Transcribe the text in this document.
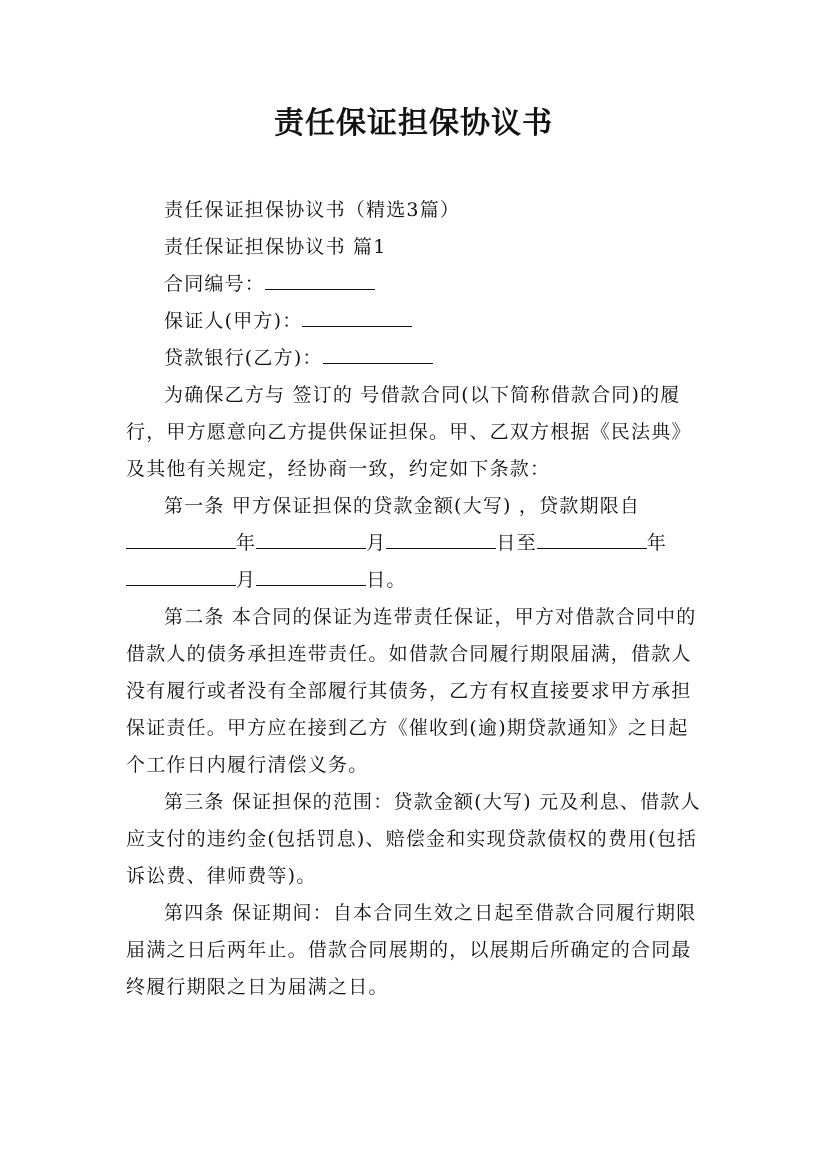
责任保证担保协议书

责任保证担保协议书（精选3篇）

责任保证担保协议书 篇1

合同编号：

保证人(甲方)：

贷款银行(乙方)：

为确保乙方与 签订的 号借款合同(以下简称借款合同)的履行，甲方愿意向乙方提供保证担保。甲、乙双方根据《民法典》及其他有关规定，经协商一致，约定如下条款：

第一条 甲方保证担保的贷款金额(大写) ，贷款期限自年	月	日至	年月	日。

第二条 本合同的保证为连带责任保证，甲方对借款合同中的借款人的债务承担连带责任。如借款合同履行期限届满，借款人没有履行或者没有全部履行其债务，乙方有权直接要求甲方承担保证责任。甲方应在接到乙方《催收到(逾)期贷款通知》之日起 个工作日内履行清偿义务。

第三条 保证担保的范围：贷款金额(大写) 元及利息、借款人应支付的违约金(包括罚息)、赔偿金和实现贷款债权的费用(包括诉讼费、律师费等)。

第四条 保证期间：自本合同生效之日起至借款合同履行期限届满之日后两年止。借款合同展期的，以展期后所确定的合同最终履行期限之日为届满之日。
